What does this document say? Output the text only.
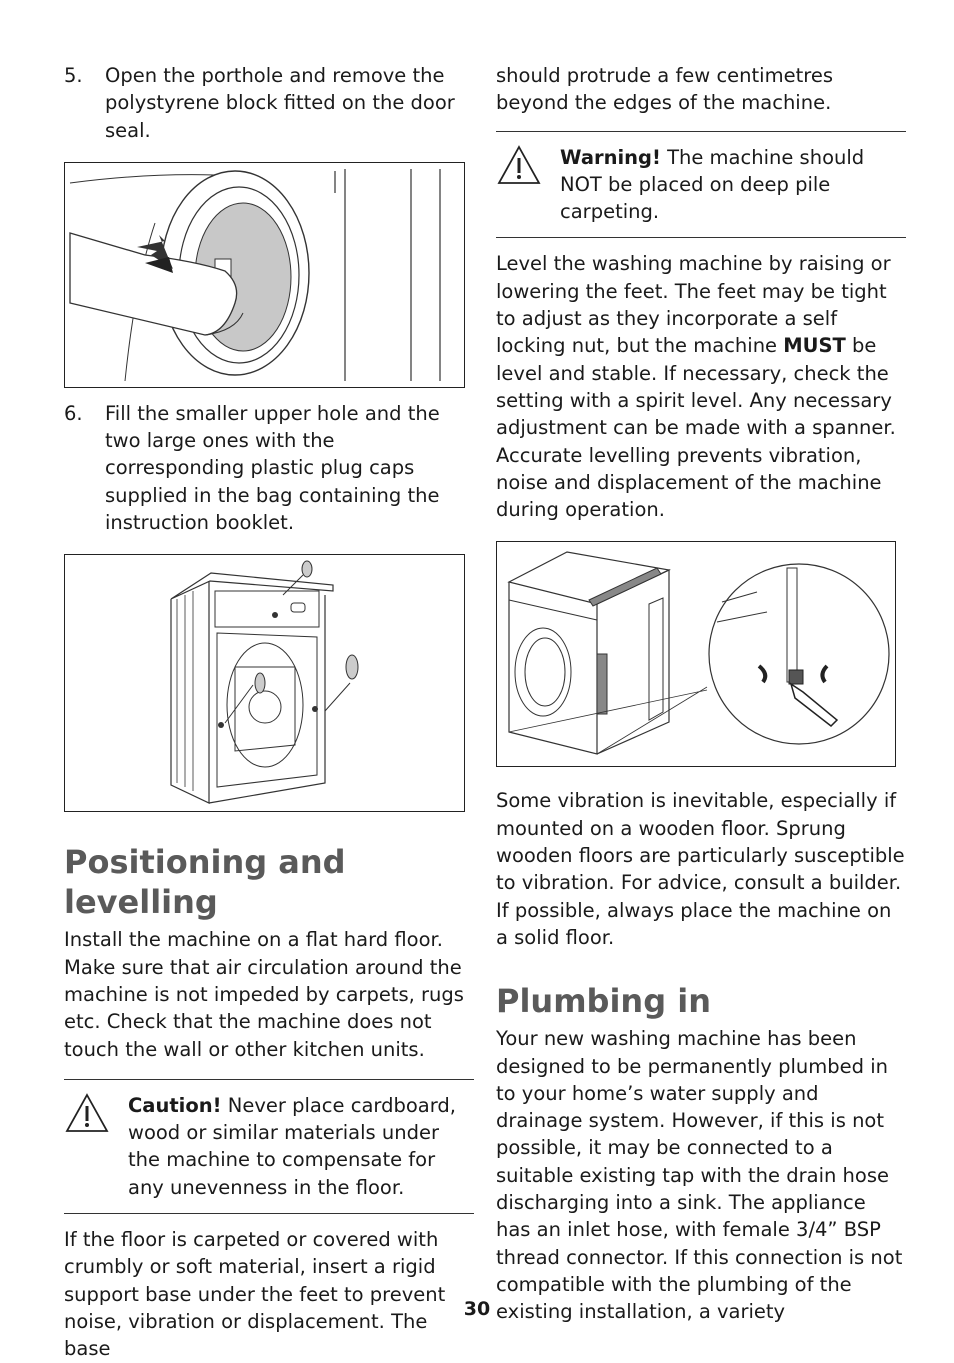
5.	Open the porthole and remove the polystyrene block fitted on the door seal.
6.	Fill the smaller upper hole and the two large ones with the corresponding plastic plug caps supplied in the bag containing the instruction booklet.
Positioning and levelling

Install the machine on a flat hard floor. Make sure that air circulation around the machine is not impeded by carpets, rugs etc. Check that the machine does not touch the wall or other kitchen units.

Caution! Never place cardboard, wood or similar materials under the machine to compensate for any unevenness in the floor.

If the floor is carpeted or covered with crumbly or soft material, insert a rigid support base under the feet to prevent noise, vibration or displacement. The base

should protrude a few centimetres beyond the edges of the machine.

Warning! The machine should NOT be placed on deep pile carpeting.

Level the washing machine by raising or lowering the feet. The feet may be tight to adjust as they incorporate a self locking nut, but the machine MUST be level and stable. If necessary, check the setting with a spirit level. Any necessary adjustment can be made with a spanner. Accurate levelling prevents vibration, noise and displacement of the machine during operation.

Some vibration is inevitable, especially if mounted on a wooden floor. Sprung wooden floors are particularly susceptible to vibration. For advice, consult a builder. If possible, always place the machine on a solid floor.

Plumbing in

Your new washing machine has been designed to be permanently plumbed in to your home’s water supply and drainage system. However, if this is not possible, it may be connected to a suitable existing tap with the drain hose discharging into a sink. The appliance has an inlet hose, with female 3/4” BSP thread connector. If this connection is not compatible with the plumbing of the existing installation, a variety

30
